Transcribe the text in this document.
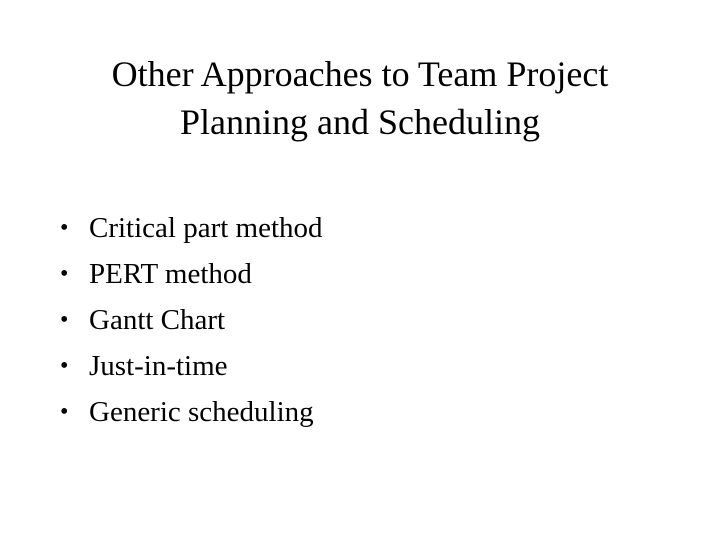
Other Approaches to Team Project
Planning and Scheduling
• Critical part method
• PERT method
• Gantt Chart
• Just-in-time
• Generic scheduling
